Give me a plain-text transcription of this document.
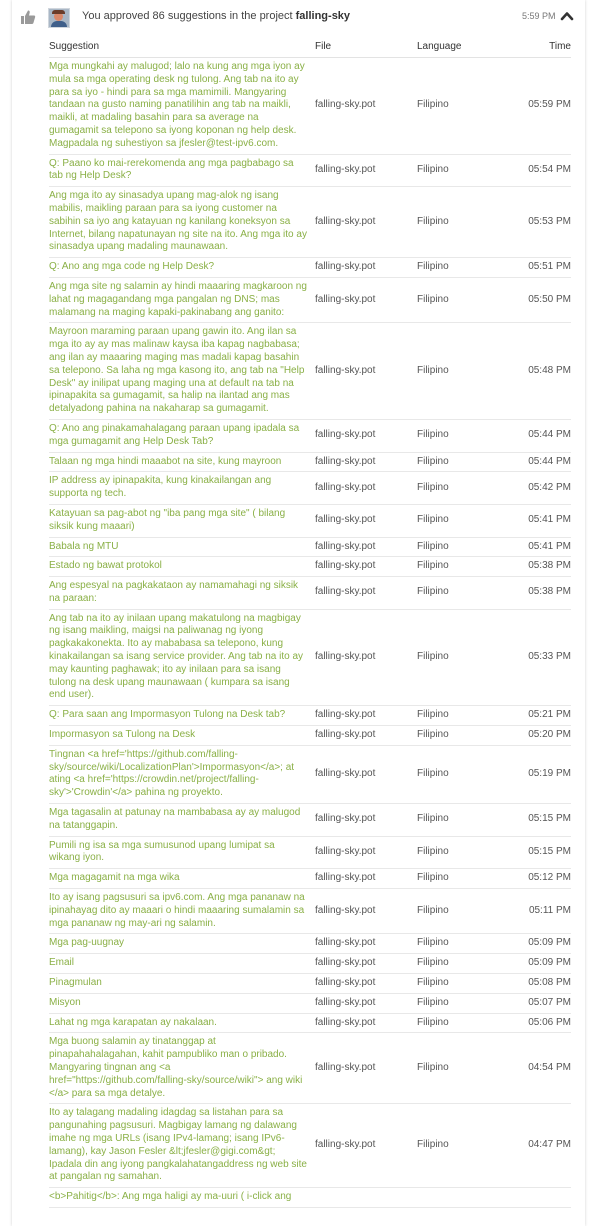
You approved 86 suggestions in the project falling-sky	5:59 PM
Suggestion	File	Language	Time
Mga mungkahi ay malugod; lalo na kung ang mga iyon ay mula sa mga operating desk ng tulong. Ang tab na ito ay para sa iyo - hindi para sa mga mamimili. Mangyaring tandaan na gusto naming panatilihin ang tab na maikli, maikli, at madaling basahin para sa average na gumagamit sa telepono sa iyong koponan ng help desk. Magpadala ng suhestiyon sa jfesler@test-ipv6.com.	falling-sky.pot	Filipino	05:59 PM
Q: Paano ko mai-rerekomenda ang mga pagbabago sa tab ng Help Desk?	falling-sky.pot	Filipino	05:54 PM
Ang mga ito ay sinasadya upang mag-alok ng isang mabilis, maikling paraan para sa iyong customer na sabihin sa iyo ang katayuan ng kanilang koneksyon sa Internet, bilang napatunayan ng site na ito. Ang mga ito ay sinasadya upang madaling maunawaan.	falling-sky.pot	Filipino	05:53 PM
Q: Ano ang mga code ng Help Desk?	falling-sky.pot	Filipino	05:51 PM
Ang mga site ng salamin ay hindi maaaring magkaroon ng lahat ng magagandang mga pangalan ng DNS; mas malamang na maging kapaki-pakinabang ang ganito:	falling-sky.pot	Filipino	05:50 PM
Mayroon maraming paraan upang gawin ito. Ang ilan sa mga ito ay ay mas malinaw kaysa iba kapag nagbabasa; ang ilan ay maaaring maging mas madali kapag basahin sa telepono. Sa laha ng mga kasong ito, ang tab na "Help Desk" ay inilipat upang maging una at default na tab na ipinapakita sa gumagamit, sa halip na ilantad ang mas detalyadong pahina na nakaharap sa gumagamit.	falling-sky.pot	Filipino	05:48 PM
Q: Ano ang pinakamahalagang paraan upang ipadala sa mga gumagamit ang Help Desk Tab?	falling-sky.pot	Filipino	05:44 PM
Talaan ng mga hindi maaabot na site, kung mayroon	falling-sky.pot	Filipino	05:44 PM
IP address ay ipinapakita, kung kinakailangan ang supporta ng tech.	falling-sky.pot	Filipino	05:42 PM
Katayuan sa pag-abot ng "iba pang mga site" ( bilang siksik kung maaari)	falling-sky.pot	Filipino	05:41 PM
Babala ng MTU	falling-sky.pot	Filipino	05:41 PM
Estado ng bawat protokol	falling-sky.pot	Filipino	05:38 PM
Ang espesyal na pagkakataon ay namamahagi ng siksik na paraan:	falling-sky.pot	Filipino	05:38 PM
Ang tab na ito ay inilaan upang makatulong na magbigay ng isang maikling, maigsi na paliwanag ng iyong pagkakakonekta. Ito ay mababasa sa telepono, kung kinakailangan sa isang service provider. Ang tab na ito ay may kaunting paghawak; ito ay inilaan para sa isang tulong na desk upang maunawaan ( kumpara sa isang end user).	falling-sky.pot	Filipino	05:33 PM
Q: Para saan ang Impormasyon Tulong na Desk tab?	falling-sky.pot	Filipino	05:21 PM
Impormasyon sa Tulong na Desk	falling-sky.pot	Filipino	05:20 PM
Tingnan <a href='https://github.com/falling-sky/source/wiki/LocalizationPlan'>Impormasyon</a>; at ating <a href='https://crowdin.net/project/falling-sky'>'Crowdin'</a> pahina ng proyekto.	falling-sky.pot	Filipino	05:19 PM
Mga tagasalin at patunay na mambabasa ay ay malugod na tatanggapin.	falling-sky.pot	Filipino	05:15 PM
Pumili ng isa sa mga sumusunod upang lumipat sa wikang iyon.	falling-sky.pot	Filipino	05:15 PM
Mga magagamit na mga wika	falling-sky.pot	Filipino	05:12 PM
Ito ay isang pagsusuri sa ipv6.com. Ang mga pananaw na ipinahayag dito ay maaari o hindi maaaring sumalamin sa mga pananaw ng may-ari ng salamin.	falling-sky.pot	Filipino	05:11 PM
Mga pag-uugnay	falling-sky.pot	Filipino	05:09 PM
Email	falling-sky.pot	Filipino	05:09 PM
Pinagmulan	falling-sky.pot	Filipino	05:08 PM
Misyon	falling-sky.pot	Filipino	05:07 PM
Lahat ng mga karapatan ay nakalaan.	falling-sky.pot	Filipino	05:06 PM
Mga buong salamin ay tinatanggap at pinapahahalagahan, kahit pampubliko man o pribado. Mangyaring tingnan ang <a href="https://github.com/falling-sky/source/wiki"> ang wiki </a> para sa mga detalye.	falling-sky.pot	Filipino	04:54 PM
Ito ay talagang madaling idagdag sa listahan para sa pangunahing pagsusuri. Magbigay lamang ng dalawang imahe ng mga URLs (isang IPv4-lamang; isang IPv6-lamang), kay Jason Fesler &lt;jfesler@gigi.com&gt; Ipadala din ang iyong pangkalahatangaddress ng web site at pangalan ng samahan.	falling-sky.pot	Filipino	04:47 PM
<b>Pahitig</b>: Ang mga haligi ay ma-uuri ( i-click ang			
